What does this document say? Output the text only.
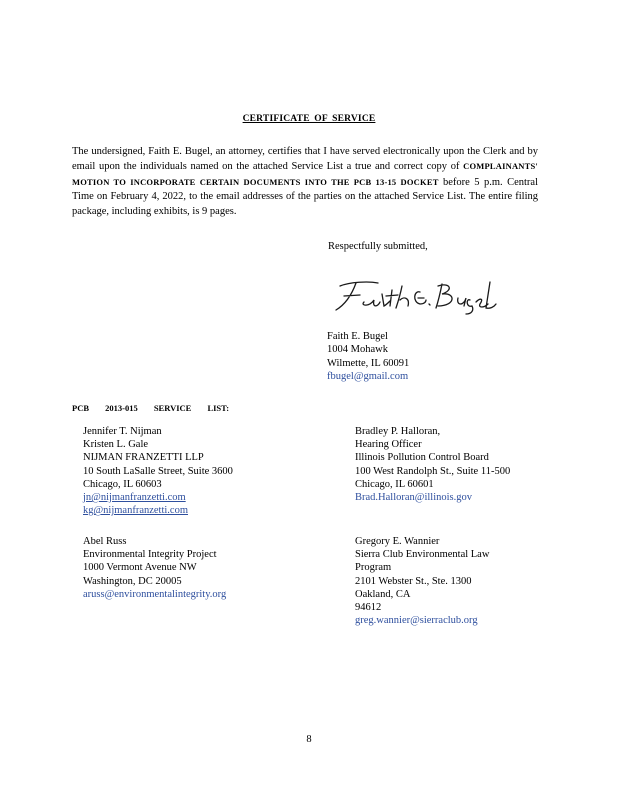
CERTIFICATE OF SERVICE
The undersigned, Faith E. Bugel, an attorney, certifies that I have served electronically upon the Clerk and by email upon the individuals named on the attached Service List a true and correct copy of COMPLAINANTS' MOTION TO INCORPORATE CERTAIN DOCUMENTS INTO THE PCB 13-15 DOCKET before 5 p.m. Central Time on February 4, 2022, to the email addresses of the parties on the attached Service List. The entire filing package, including exhibits, is 9 pages.
Respectfully submitted,
Faith E. Bugel
1004 Mohawk
Wilmette, IL 60091
fbugel@gmail.com
PCB 2013-015 SERVICE LIST:
Jennifer T. Nijman
Kristen L. Gale
NIJMAN FRANZETTI LLP
10 South LaSalle Street, Suite 3600
Chicago, IL 60603
jn@nijmanfranzetti.com
kg@nijmanfranzetti.com
Bradley P. Halloran,
Hearing Officer
Illinois Pollution Control Board
100 West Randolph St., Suite 11-500
Chicago, IL 60601
Brad.Halloran@illinois.gov
Abel Russ
Environmental Integrity Project
1000 Vermont Avenue NW
Washington, DC 20005
aruss@environmentalintegrity.org
Gregory E. Wannier
Sierra Club Environmental Law
Program
2101 Webster St., Ste. 1300
Oakland, CA
94612
greg.wannier@sierraclub.org
8
